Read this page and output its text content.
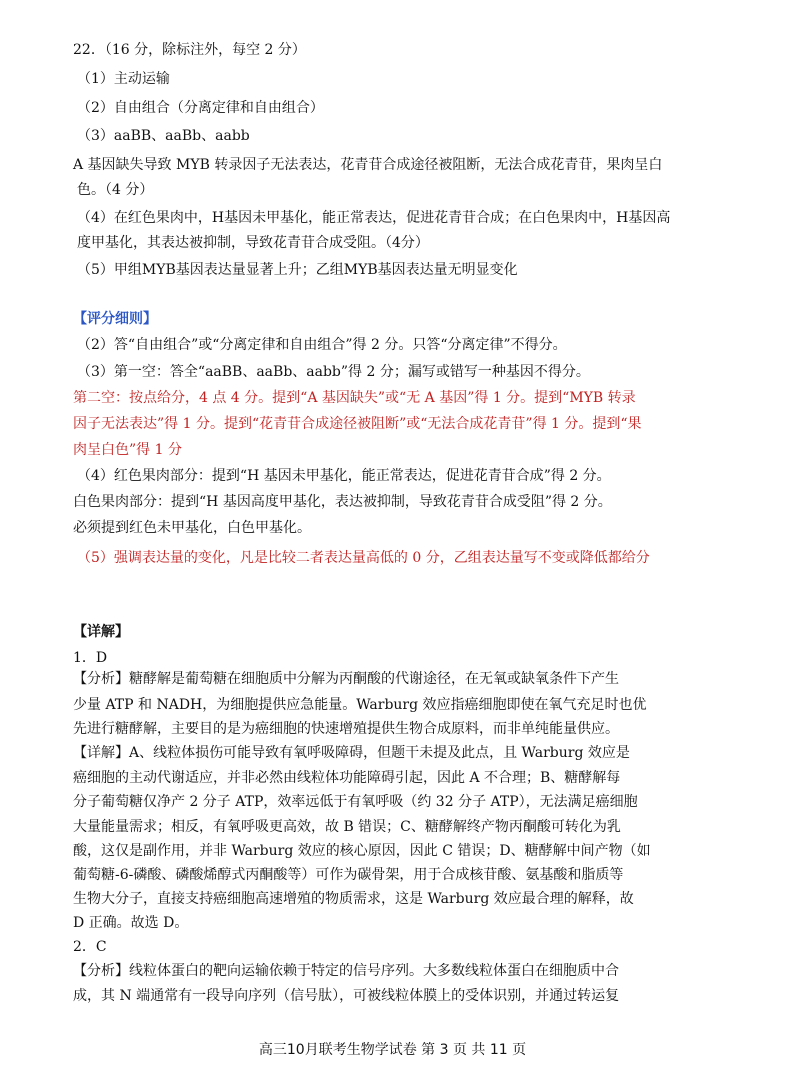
22．（16 分，除标注外，每空 2 分）
（1）主动运输
（2）自由组合（分离定律和自由组合）
（3）aaBB、aaBb、aabb
A 基因缺失导致 MYB 转录因子无法表达，花青苷合成途径被阻断，无法合成花青苷，果肉呈白
色。（4 分）
（4）在红色果肉中，H基因未甲基化，能正常表达，促进花青苷合成；在白色果肉中，H基因高
度甲基化，其表达被抑制，导致花青苷合成受阻。（4分）
（5）甲组MYB基因表达量显著上升；乙组MYB基因表达量无明显变化
【评分细则】
（2）答“自由组合”或“分离定律和自由组合”得 2 分。只答“分离定律”不得分。
（3）第一空：答全“aaBB、aaBb、aabb”得 2 分；漏写或错写一种基因不得分。
第二空：按点给分，4 点 4 分。提到“A 基因缺失”或“无 A 基因”得 1 分。提到“MYB 转录
因子无法表达”得 1 分。提到“花青苷合成途径被阻断”或“无法合成花青苷”得 1 分。提到“果
肉呈白色”得 1 分
（4）红色果肉部分：提到“H 基因未甲基化，能正常表达，促进花青苷合成”得 2 分。
白色果肉部分：提到“H 基因高度甲基化，表达被抑制，导致花青苷合成受阻”得 2 分。
必须提到红色未甲基化，白色甲基化。
（5）强调表达量的变化，凡是比较二者表达量高低的 0 分，乙组表达量写不变或降低都给分
【详解】
1．D
【分析】糖酵解是葡萄糖在细胞质中分解为丙酮酸的代谢途径，在无氧或缺氧条件下产生
少量 ATP 和 NADH，为细胞提供应急能量。Warburg 效应指癌细胞即使在氧气充足时也优
先进行糖酵解，主要目的是为癌细胞的快速增殖提供生物合成原料，而非单纯能量供应。
【详解】A、线粒体损伤可能导致有氧呼吸障碍，但题干未提及此点，且 Warburg 效应是
癌细胞的主动代谢适应，并非必然由线粒体功能障碍引起，因此 A 不合理；B、糖酵解每
分子葡萄糖仅净产 2 分子 ATP，效率远低于有氧呼吸（约 32 分子 ATP），无法满足癌细胞
大量能量需求；相反，有氧呼吸更高效，故 B 错误；C、糖酵解终产物丙酮酸可转化为乳
酸，这仅是副作用，并非 Warburg 效应的核心原因，因此 C 错误；D、糖酵解中间产物（如
葡萄糖-6-磷酸、磷酸烯醇式丙酮酸等）可作为碳骨架，用于合成核苷酸、氨基酸和脂质等
生物大分子，直接支持癌细胞高速增殖的物质需求，这是 Warburg 效应最合理的解释，故
D 正确。故选 D。
2．C
【分析】线粒体蛋白的靶向运输依赖于特定的信号序列。大多数线粒体蛋白在细胞质中合
成，其 N 端通常有一段导向序列（信号肽），可被线粒体膜上的受体识别，并通过转运复
高三10月联考生物学试卷 第 3 页 共 11 页
